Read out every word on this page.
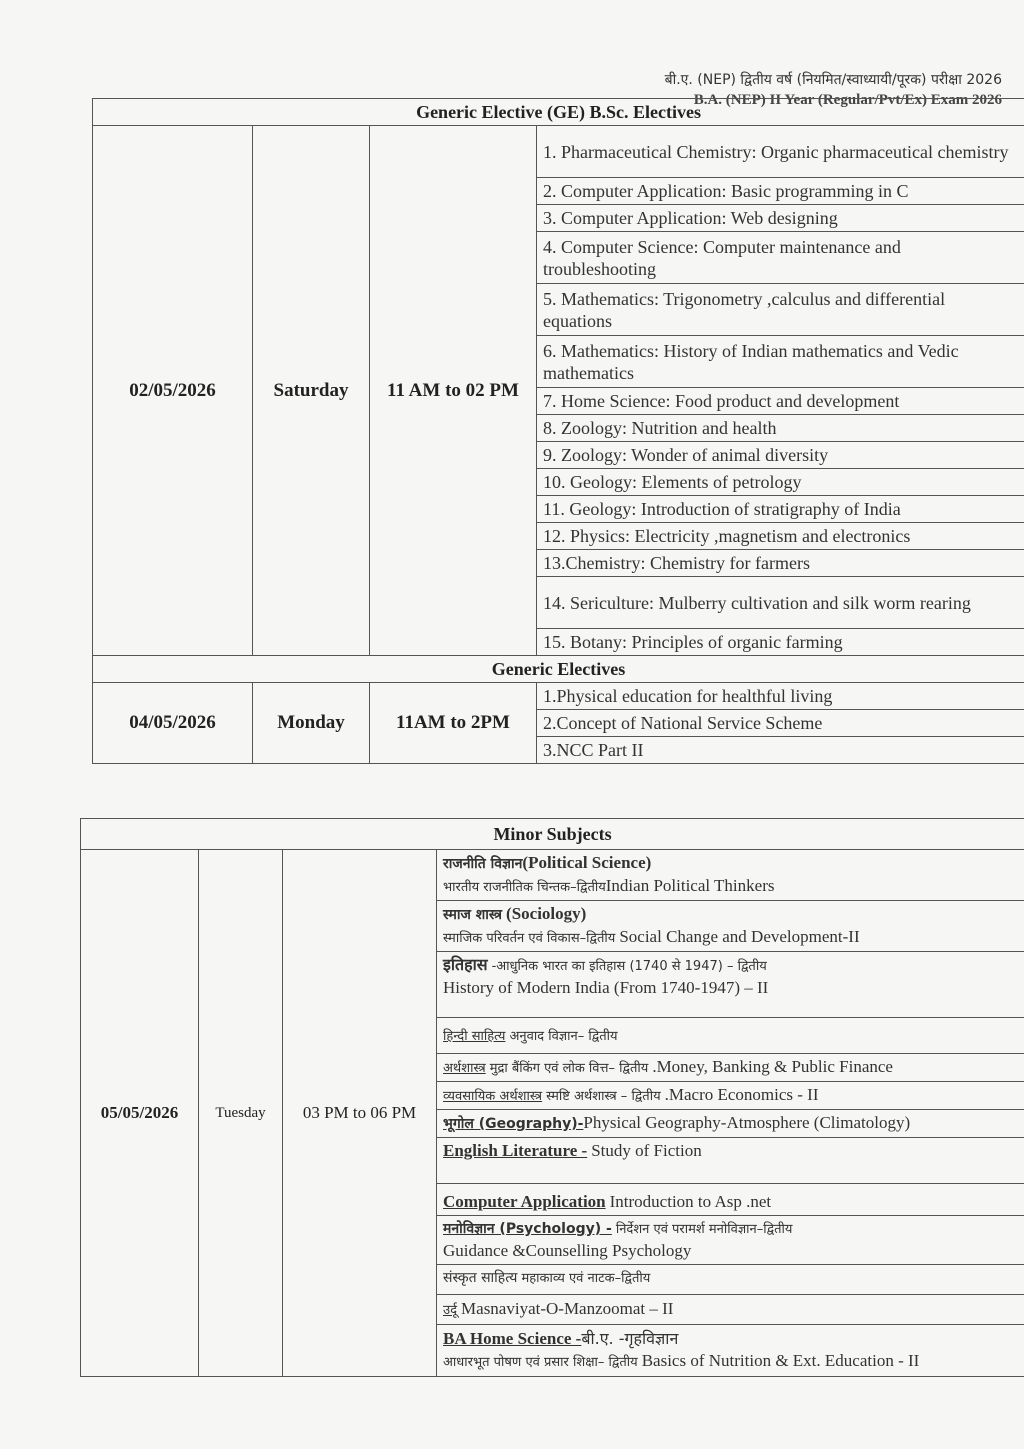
बी.ए. (NEP) द्वितीय वर्ष (नियमित/स्वाध्यायी/पूरक) परीक्षा 2026
B.A. (NEP) II Year (Regular/Pvt/Ex) Exam 2026
Generic Elective (GE) B.Sc. Electives			
02/05/2026	Saturday	11 AM to 02 PM	1. Pharmaceutical Chemistry: Organic pharmaceutical chemistry
			2. Computer Application: Basic programming in C
			3. Computer Application: Web designing
			4. Computer Science: Computer maintenance and troubleshooting
			5. Mathematics: Trigonometry ,calculus and differential equations
			6. Mathematics: History of Indian mathematics and Vedic mathematics
			7. Home Science: Food product and development
			8. Zoology: Nutrition and health
			9. Zoology: Wonder of animal diversity
			10. Geology: Elements of petrology
			11. Geology: Introduction of stratigraphy of India
			12. Physics: Electricity ,magnetism and electronics
			13.Chemistry: Chemistry for farmers
			14. Sericulture: Mulberry cultivation and silk worm rearing
			15. Botany: Principles of organic farming
Generic Electives			
04/05/2026	Monday	11AM to 2PM	1.Physical education for healthful living
			2.Concept of National Service Scheme
			3.NCC Part II
Minor Subjects
05/05/2026	Tuesday	03 PM to 06 PM	राजनीति विज्ञान(Political Science)
भारतीय राजनीतिक चिन्तक–द्वितीयIndian Political Thinkers
स्माज शास्त्र (Sociology)
स्माजिक परिवर्तन एवं विकास–द्वितीय Social Change and Development-II
इतिहास -आधुनिक भारत का इतिहास (1740 से 1947) – द्वितीय
History of Modern India (From 1740-1947) – II
हिन्दी साहित्य अनुवाद विज्ञान– द्वितीय
अर्थशास्त्र मुद्रा बैंकिंग एवं लोक वित्त– द्वितीय .Money, Banking & Public Finance
व्यवसायिक अर्थशास्त्र स्मष्टि अर्थशास्त्र – द्वितीय .Macro Economics - II
भूगोल (Geography)-Physical Geography-Atmosphere (Climatology)
English Literature - Study of Fiction
Computer Application Introduction to Asp .net
मनोविज्ञान (Psychology) - निर्देशन एवं परामर्श मनोविज्ञान–द्वितीय
Guidance &Counselling Psychology
संस्कृत साहित्य महाकाव्य एवं नाटक–द्वितीय
उर्दू Masnaviyat-O-Manzoomat – II
BA Home Science -बी.ए. -गृहविज्ञान
आधारभूत पोषण एवं प्रसार शिक्षा– द्वितीय Basics of Nutrition & Ext. Education - II
